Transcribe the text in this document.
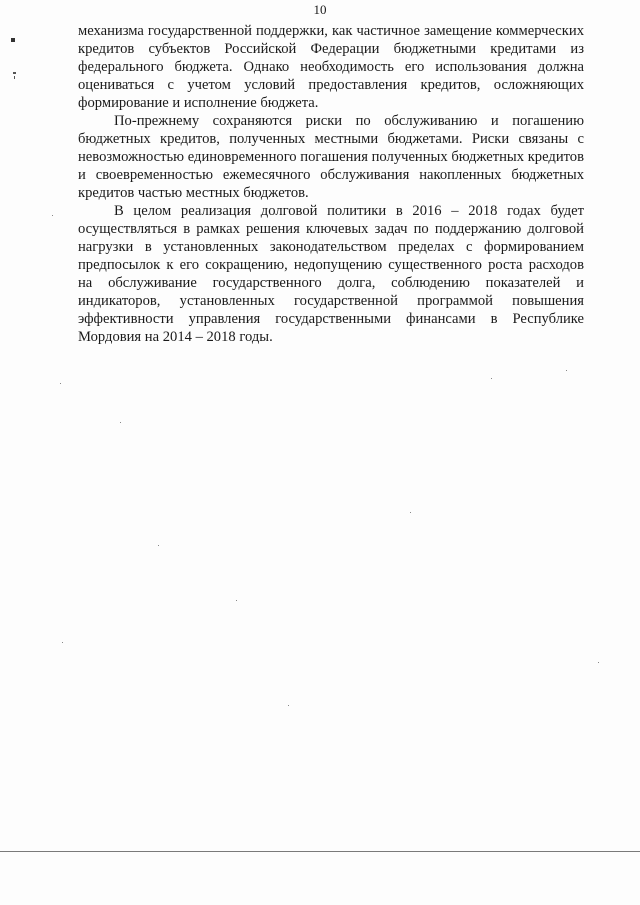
10

механизма государственной поддержки, как частичное замещение коммерческих кредитов субъектов Российской Федерации бюджетными кредитами из федерального бюджета. Однако необходимость его использования должна оцениваться с учетом условий предоставления кредитов, осложняющих формирование и исполнение бюджета.

По-прежнему сохраняются риски по обслуживанию и погашению бюджетных кредитов, полученных местными бюджетами. Риски связаны с невозможностью единовременного погашения полученных бюджетных кредитов и своевременностью ежемесячного обслуживания накопленных бюджетных кредитов частью местных бюджетов.

В целом реализация долговой политики в 2016 – 2018 годах будет осуществляться в рамках решения ключевых задач по поддержанию долговой нагрузки в установленных законодательством пределах с формированием предпосылок к его сокращению, недопущению существенного роста расходов на обслуживание государственного долга, соблюдению показателей и индикаторов, установленных государственной программой повышения эффективности управления государственными финансами в Республике Мордовия на 2014 – 2018 годы.
